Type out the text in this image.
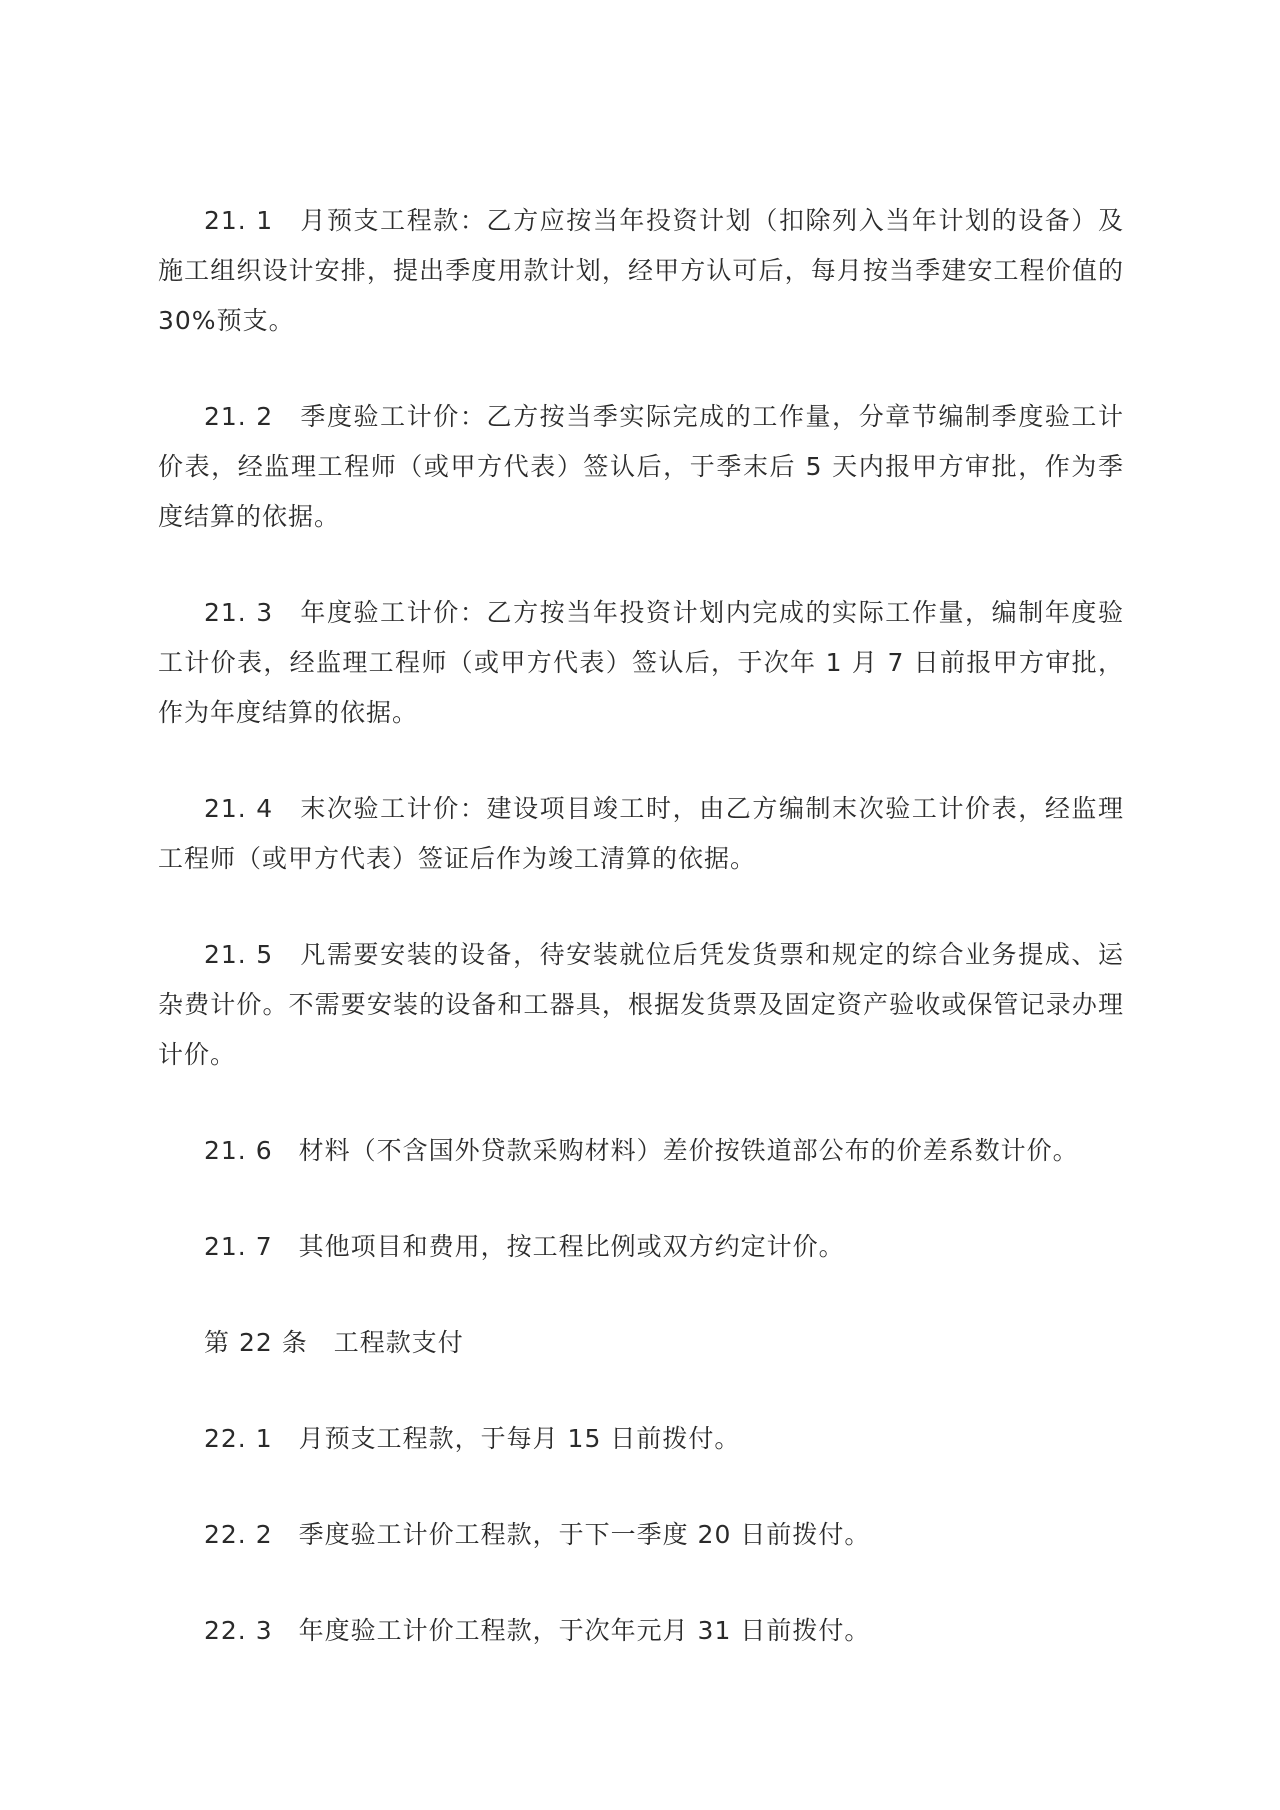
21. 1　月预支工程款：乙方应按当年投资计划（扣除列入当年计划的设备）及施工组织设计安排，提出季度用款计划，经甲方认可后，每月按当季建安工程价值的30%预支。

21. 2　季度验工计价：乙方按当季实际完成的工作量，分章节编制季度验工计价表，经监理工程师（或甲方代表）签认后，于季末后 5 天内报甲方审批，作为季度结算的依据。

21. 3　年度验工计价：乙方按当年投资计划内完成的实际工作量，编制年度验工计价表，经监理工程师（或甲方代表）签认后，于次年 1 月 7 日前报甲方审批，作为年度结算的依据。

21. 4　末次验工计价：建设项目竣工时，由乙方编制末次验工计价表，经监理工程师（或甲方代表）签证后作为竣工清算的依据。

21. 5　凡需要安装的设备，待安装就位后凭发货票和规定的综合业务提成、运杂费计价。不需要安装的设备和工器具，根据发货票及固定资产验收或保管记录办理计价。

21. 6　材料（不含国外贷款采购材料）差价按铁道部公布的价差系数计价。

21. 7　其他项目和费用，按工程比例或双方约定计价。

第 22 条　工程款支付

22. 1　月预支工程款，于每月 15 日前拨付。

22. 2　季度验工计价工程款，于下一季度 20 日前拨付。

22. 3　年度验工计价工程款，于次年元月 31 日前拨付。
